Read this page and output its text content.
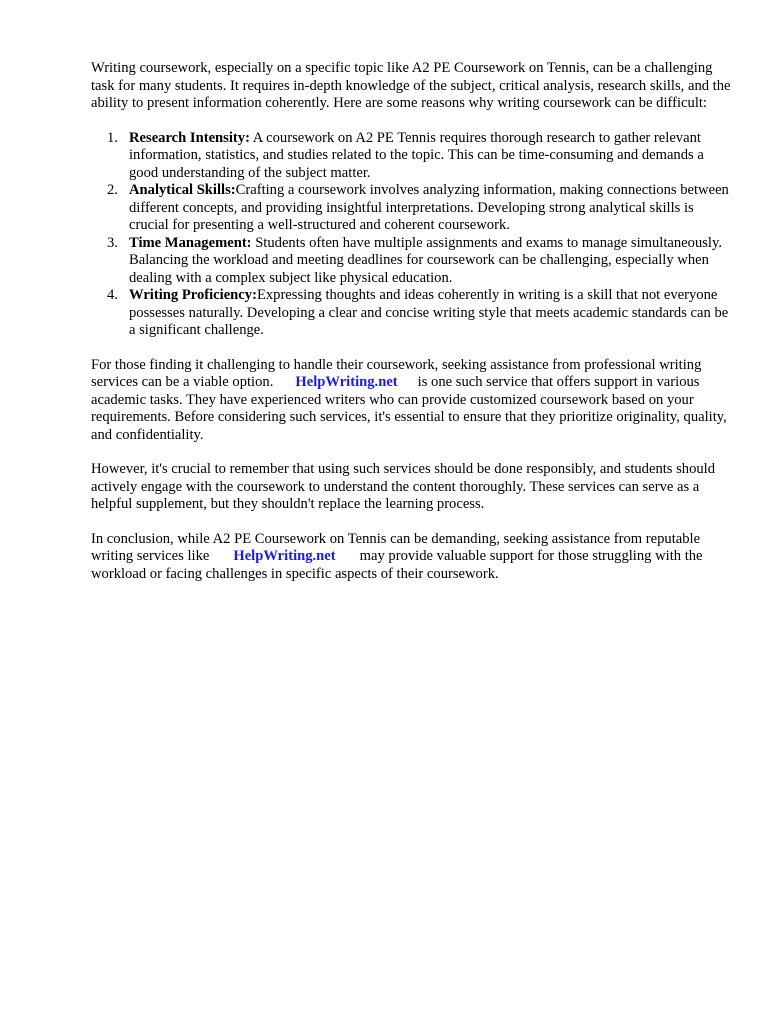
Writing coursework, especially on a specific topic like A2 PE Coursework on Tennis, can be a challenging task for many students. It requires in-depth knowledge of the subject, critical analysis, research skills, and the ability to present information coherently. Here are some reasons why writing coursework can be difficult:

1. Research Intensity: A coursework on A2 PE Tennis requires thorough research to gather relevant information, statistics, and studies related to the topic. This can be time-consuming and demands a good understanding of the subject matter.
2. Analytical Skills:Crafting a coursework involves analyzing information, making connections between different concepts, and providing insightful interpretations. Developing strong analytical skills is crucial for presenting a well-structured and coherent coursework.
3. Time Management: Students often have multiple assignments and exams to manage simultaneously. Balancing the workload and meeting deadlines for coursework can be challenging, especially when dealing with a complex subject like physical education.
4. Writing Proficiency:Expressing thoughts and ideas coherently in writing is a skill that not everyone possesses naturally. Developing a clear and concise writing style that meets academic standards can be a significant challenge.

For those finding it challenging to handle their coursework, seeking assistance from professional writing services can be a viable option. HelpWriting.net is one such service that offers support in various academic tasks. They have experienced writers who can provide customized coursework based on your requirements. Before considering such services, it's essential to ensure that they prioritize originality, quality, and confidentiality.

However, it's crucial to remember that using such services should be done responsibly, and students should actively engage with the coursework to understand the content thoroughly. These services can serve as a helpful supplement, but they shouldn't replace the learning process.

In conclusion, while A2 PE Coursework on Tennis can be demanding, seeking assistance from reputable writing services like HelpWriting.net may provide valuable support for those struggling with the workload or facing challenges in specific aspects of their coursework.
